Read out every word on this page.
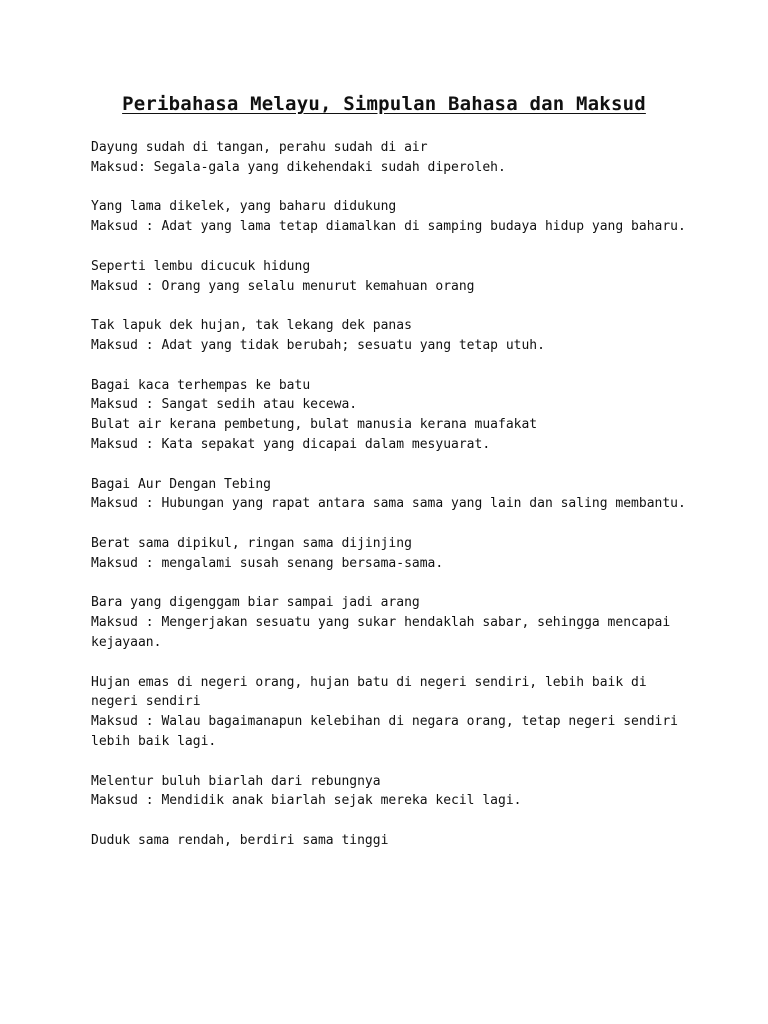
Peribahasa Melayu, Simpulan Bahasa dan Maksud
Dayung sudah di tangan, perahu sudah di air
Maksud: Segala-gala yang dikehendaki sudah diperoleh.
Yang lama dikelek, yang baharu didukung
Maksud : Adat yang lama tetap diamalkan di samping budaya hidup yang baharu.
Seperti lembu dicucuk hidung
Maksud : Orang yang selalu menurut kemahuan orang
Tak lapuk dek hujan, tak lekang dek panas
Maksud : Adat yang tidak berubah; sesuatu yang tetap utuh.
Bagai kaca terhempas ke batu
Maksud : Sangat sedih atau kecewa.
Bulat air kerana pembetung, bulat manusia kerana muafakat
Maksud : Kata sepakat yang dicapai dalam mesyuarat.
Bagai Aur Dengan Tebing
Maksud : Hubungan yang rapat antara sama sama yang lain dan saling membantu.
Berat sama dipikul, ringan sama dijinjing
Maksud : mengalami susah senang bersama-sama.
Bara yang digenggam biar sampai jadi arang
Maksud : Mengerjakan sesuatu yang sukar hendaklah sabar, sehingga mencapai kejayaan.
Hujan emas di negeri orang, hujan batu di negeri sendiri, lebih baik di negeri sendiri
Maksud : Walau bagaimanapun kelebihan di negara orang, tetap negeri sendiri lebih baik lagi.
Melentur buluh biarlah dari rebungnya
Maksud : Mendidik anak biarlah sejak mereka kecil lagi.
Duduk sama rendah, berdiri sama tinggi
